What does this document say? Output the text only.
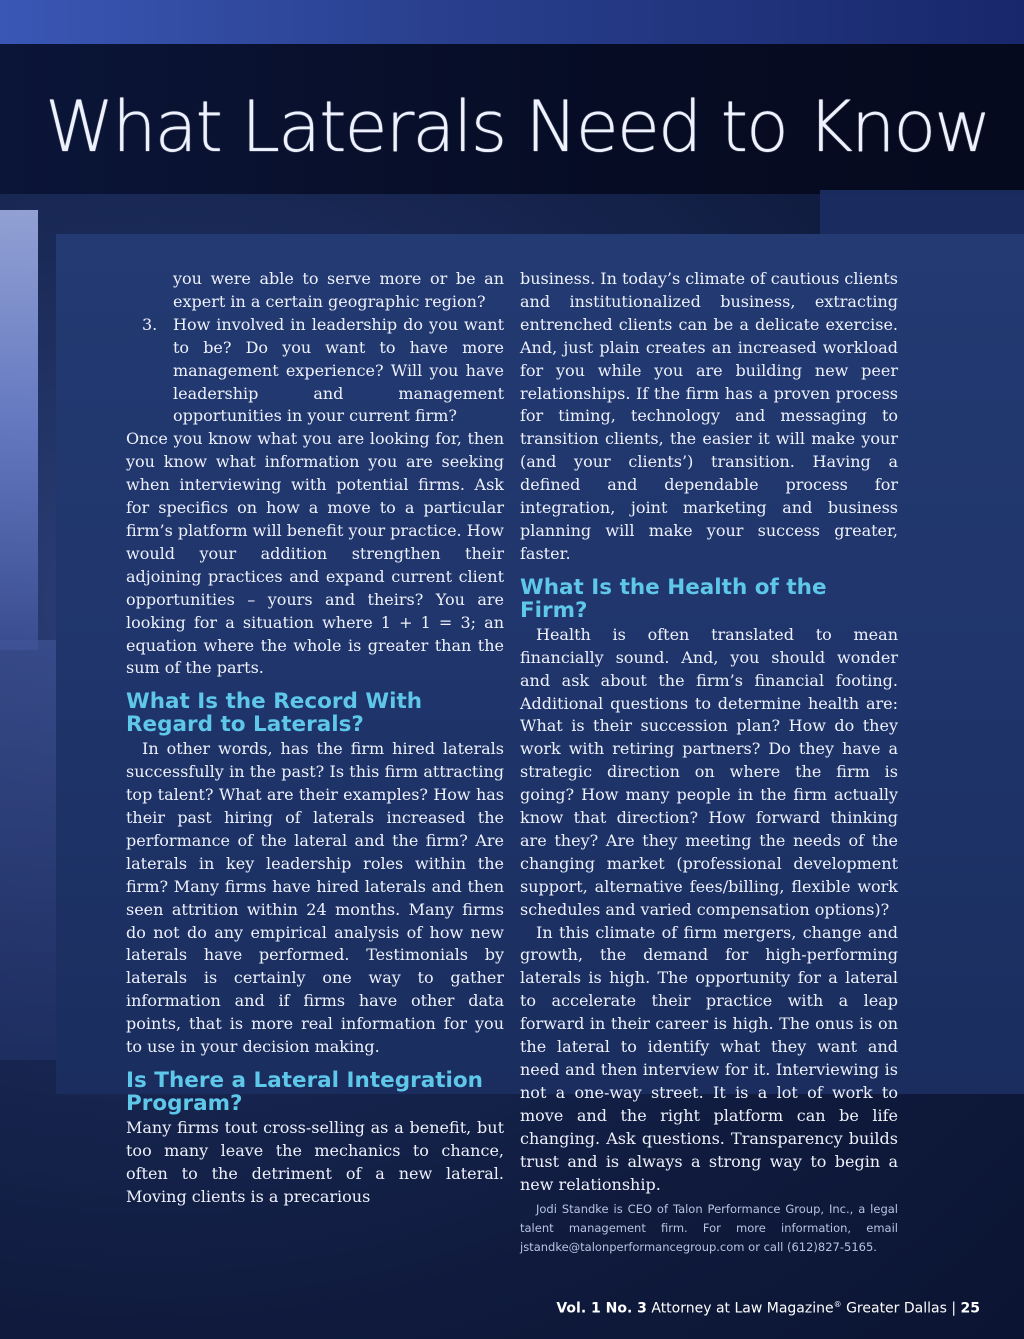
What Laterals Need to Know

you were able to serve more or be an expert in a certain geographic region?

3. How involved in leadership do you want to be? Do you want to have more management experience? Will you have leadership and management opportunities in your current firm?

Once you know what you are looking for, then you know what information you are seeking when interviewing with potential firms. Ask for specifics on how a move to a particular firm’s platform will benefit your practice. How would your addition strengthen their adjoining practices and expand current client opportunities – yours and theirs? You are looking for a situation where 1 + 1 = 3; an equation where the whole is greater than the sum of the parts.

What Is the Record With Regard to Laterals?

In other words, has the firm hired laterals successfully in the past? Is this firm attracting top talent? What are their examples? How has their past hiring of laterals increased the performance of the lateral and the firm? Are laterals in key leadership roles within the firm? Many firms have hired laterals and then seen attrition within 24 months. Many firms do not do any empirical analysis of how new laterals have performed. Testimonials by laterals is certainly one way to gather information and if firms have other data points, that is more real information for you to use in your decision making.

Is There a Lateral Integration Program?

Many firms tout cross-selling as a benefit, but too many leave the mechanics to chance, often to the detriment of a new lateral. Moving clients is a precarious

business. In today’s climate of cautious clients and institutionalized business, extracting entrenched clients can be a delicate exercise. And, just plain creates an increased workload for you while you are building new peer relationships. If the firm has a proven process for timing, technology and messaging to transition clients, the easier it will make your (and your clients’) transition. Having a defined and dependable process for integration, joint marketing and business planning will make your success greater, faster.

What Is the Health of the Firm?

Health is often translated to mean financially sound. And, you should wonder and ask about the firm’s financial footing. Additional questions to determine health are: What is their succession plan? How do they work with retiring partners? Do they have a strategic direction on where the firm is going? How many people in the firm actually know that direction? How forward thinking are they? Are they meeting the needs of the changing market (professional development support, alternative fees/billing, flexible work schedules and varied compensation options)?

In this climate of firm mergers, change and growth, the demand for high-performing laterals is high. The opportunity for a lateral to accelerate their practice with a leap forward in their career is high. The onus is on the lateral to identify what they want and need and then interview for it. Interviewing is not a one-way street. It is a lot of work to move and the right platform can be life changing. Ask questions. Transparency builds trust and is always a strong way to begin a new relationship.

Jodi Standke is CEO of Talon Performance Group, Inc., a legal talent management firm. For more information, email jstandke@talonperformancegroup.com or call (612)827-5165.

Vol. 1 No. 3 Attorney at Law Magazine® Greater Dallas | 25
